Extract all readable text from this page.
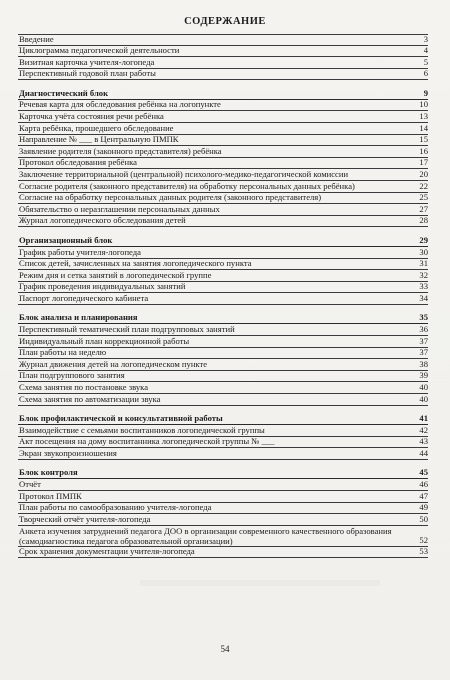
СОДЕРЖАНИЕ
Введение	3
Циклограмма педагогической деятельности	4
Визитная карточка учителя-логопеда	5
Перспективный годовой план работы	6
Диагностический блок	9
Речевая карта для обследования ребёнка на логопункте	10
Карточка учёта состояния речи ребёнка	13
Карта ребёнка, прошедшего обследование	14
Направление № ___ в Центральную ПМПК	15
Заявление родителя (законного представителя) ребёнка	16
Протокол обследования ребёнка	17
Заключение территориальной (центральной) психолого-медико-педагогической комиссии	20
Согласие родителя (законного представителя) на обработку персональных данных ребёнка)	22
Согласие на обработку персональных данных родителя (законного представителя)	25
Обязательство о неразглашении персональных данных	27
Журнал логопедического обследования детей	28
Организационный блок	29
График работы учителя-логопеда	30
Список детей, зачисленных на занятия логопедического пункта	31
Режим дня и сетка занятий в логопедической группе	32
График проведения индивидуальных занятий	33
Паспорт логопедического кабинета	34
Блок анализа и планирования	35
Перспективный тематический план подгрупповых занятий	36
Индивидуальный план коррекционной работы	37
План работы на неделю	37
Журнал движения детей на логопедическом пункте	38
План подгруппового занятия	39
Схема занятия по постановке звука	40
Схема занятия по автоматизации звука	40
Блок профилактической и консультативной работы	41
Взаимодействие с семьями воспитанников логопедической группы	42
Акт посещения на дому воспитанника логопедической группы № ___	43
Экран звукопроизношения	44
Блок контроля	45
Отчёт	46
Протокол ПМПК	47
План работы по самообразованию учителя-логопеда	49
Творческий отчёт учителя-логопеда	50
Анкета изучения затруднений педагога ДОО в организации современного качественного образования (самодиагностика педагога образовательной организации)	52
Срок хранения документации учителя-логопеда	53
54
